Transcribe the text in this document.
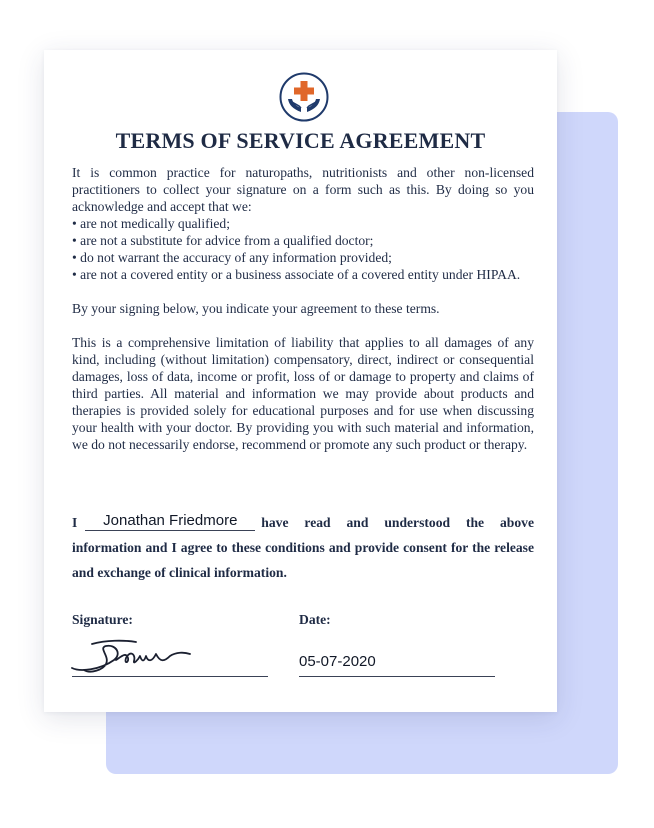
TERMS OF SERVICE AGREEMENT

It is common practice for naturopaths, nutritionists and other non-licensed practitioners to collect your signature on a form such as this. By doing so you acknowledge and accept that we:

• are not medically qualified;
• are not a substitute for advice from a qualified doctor;
• do not warrant the accuracy of any information provided;
• are not a covered entity or a business associate of a covered entity under HIPAA.

By your signing below, you indicate your agreement to these terms.

This is a comprehensive limitation of liability that applies to all damages of any kind, including (without limitation) compensatory, direct, indirect or consequential damages, loss of data, income or profit, loss of or damage to property and claims of third parties. All material and information we may provide about products and therapies is provided solely for educational purposes and for use when discussing your health with your doctor. By providing you with such material and information, we do not necessarily endorse, recommend or promote any such product or therapy.

I Jonathan Friedmore have read and understood the above information and I agree to these conditions and provide consent for the release and exchange of clinical information.
Signature:	Date:
05-07-2020
